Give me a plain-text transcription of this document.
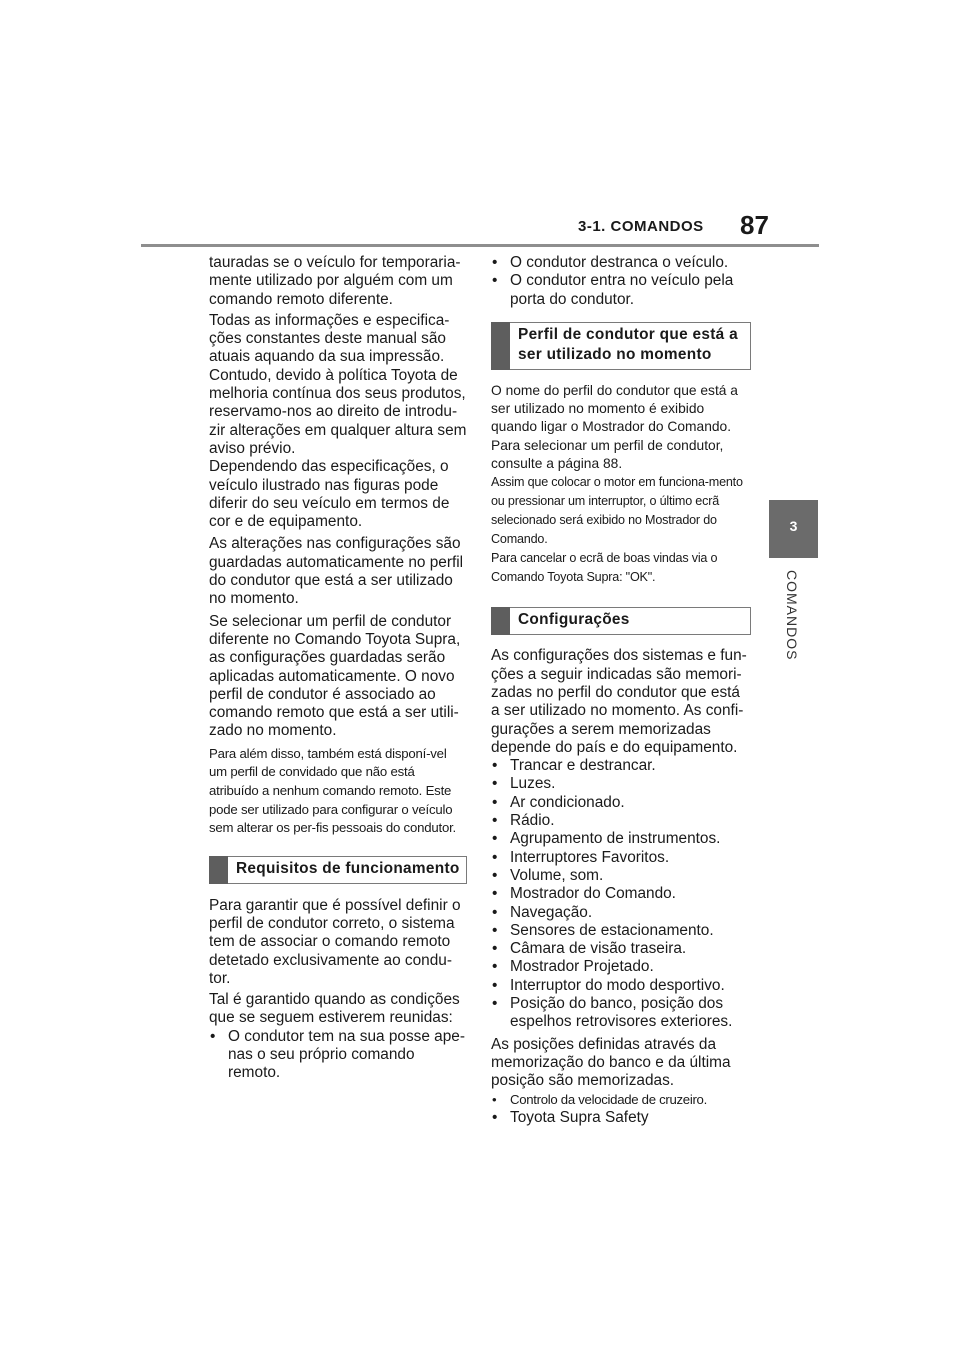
3-1. COMANDOS 87
3
COMANDOS

tauradas se o veículo for temporaria-mente utilizado por alguém com um comando remoto diferente.

Todas as informações e especifica-ções constantes deste manual são atuais aquando da sua impressão. Contudo, devido à política Toyota de melhoria contínua dos seus produtos, reservamo-nos ao direito de introdu-zir alterações em qualquer altura sem aviso prévio.

Dependendo das especificações, o veículo ilustrado nas figuras pode diferir do seu veículo em termos de cor e de equipamento.

As alterações nas configurações são guardadas automaticamente no perfil do condutor que está a ser utilizado no momento.

Se selecionar um perfil de condutor diferente no Comando Toyota Supra, as configurações guardadas serão aplicadas automaticamente. O novo perfil de condutor é associado ao comando remoto que está a ser utili-zado no momento.

Para além disso, também está disponí-vel um perfil de convidado que não está atribuído a nenhum comando remoto. Este pode ser utilizado para configurar o veículo sem alterar os per-fis pessoais do condutor.

Requisitos de funcionamento

Para garantir que é possível definir o perfil de condutor correto, o sistema tem de associar o comando remoto detetado exclusivamente ao condu-tor.

Tal é garantido quando as condições que se seguem estiverem reunidas:

• O condutor tem na sua posse ape-nas o seu próprio comando remoto.
• O condutor destranca o veículo.
• O condutor entra no veículo pela porta do condutor.
Perfil de condutor que está a ser utilizado no momento

O nome do perfil do condutor que está a ser utilizado no momento é exibido quando ligar o Mostrador do Comando.

Para selecionar um perfil de condutor, consulte a página 88.

Assim que colocar o motor em funciona-mento ou pressionar um interruptor, o último ecrã selecionado será exibido no Mostrador do Comando.

Para cancelar o ecrã de boas vindas via o Comando Toyota Supra: "OK".

Configurações

As configurações dos sistemas e fun-ções a seguir indicadas são memori-zadas no perfil do condutor que está a ser utilizado no momento. As confi-gurações a serem memorizadas depende do país e do equipamento.

• Trancar e destrancar.
• Luzes.
• Ar condicionado.
• Rádio.
• Agrupamento de instrumentos.
• Interruptores Favoritos.
• Volume, som.
• Mostrador do Comando.
• Navegação.
• Sensores de estacionamento.
• Câmara de visão traseira.
• Mostrador Projetado.
• Interruptor do modo desportivo.
• Posição do banco, posição dos espelhos retrovisores exteriores.

As posições definidas através da memorização do banco e da última posição são memorizadas.

• Controlo da velocidade de cruzeiro.
• Toyota Supra Safety
